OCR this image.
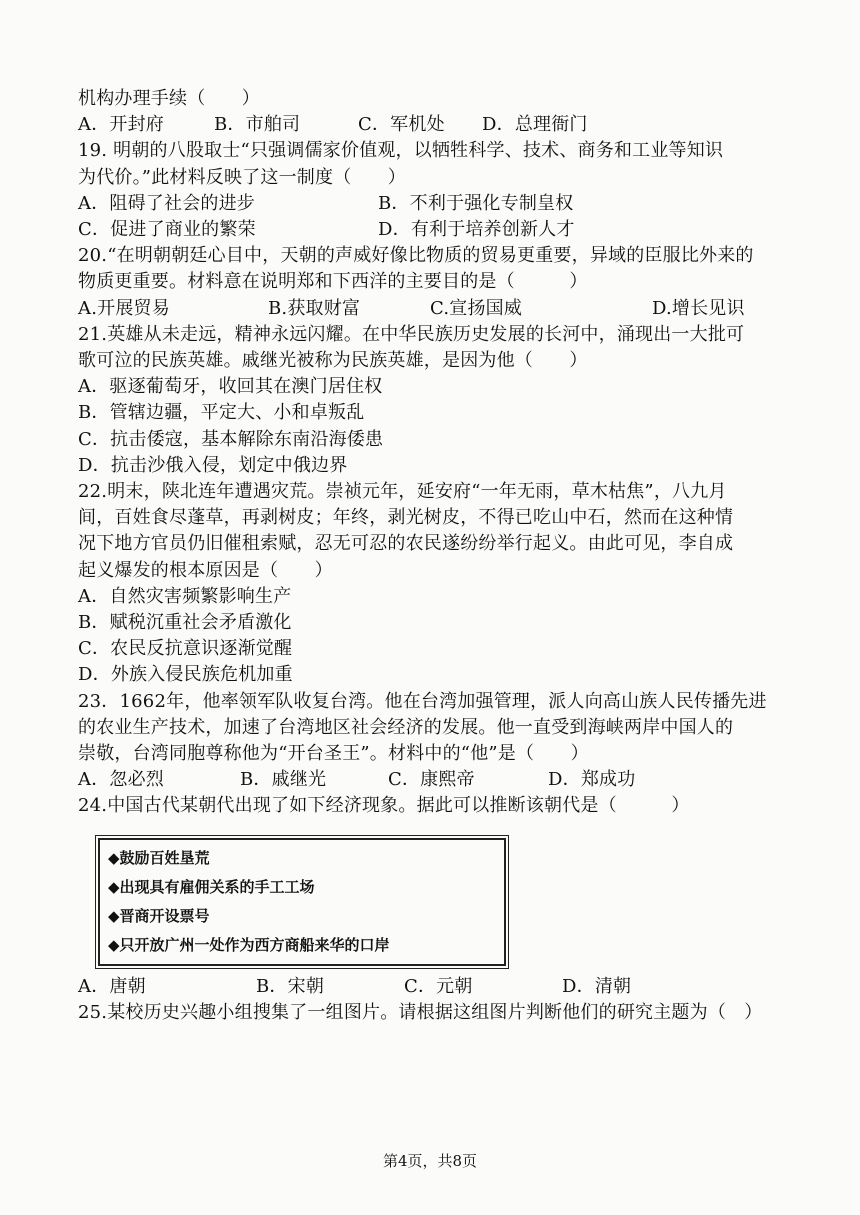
机构办理手续（　　）
A．开封府	B．市舶司	C．军机处	D．总理衙门
19. 明朝的八股取士“只强调儒家价值观，以牺牲科学、技术、商务和工业等知识
为代价。”此材料反映了这一制度（　　）
A．阻碍了社会的进步	B．不利于强化专制皇权
C．促进了商业的繁荣	D．有利于培养创新人才
20.“在明朝朝廷心目中，天朝的声威好像比物质的贸易更重要，异域的臣服比外来的
物质更重要。材料意在说明郑和下西洋的主要目的是（　　　）
A.开展贸易	B.获取财富	C.宣扬国威	D.增长见识
21.英雄从未走远，精神永远闪耀。在中华民族历史发展的长河中，涌现出一大批可
歌可泣的民族英雄。戚继光被称为民族英雄，是因为他（　　）
A．驱逐葡萄牙，收回其在澳门居住权
B．管辖边疆，平定大、小和卓叛乱
C．抗击倭寇，基本解除东南沿海倭患
D．抗击沙俄入侵，划定中俄边界
22.明末，陕北连年遭遇灾荒。崇祯元年，延安府“一年无雨，草木枯焦”，八九月
间，百姓食尽蓬草，再剥树皮；年终，剥光树皮，不得已吃山中石，然而在这种情
况下地方官员仍旧催租索赋，忍无可忍的农民遂纷纷举行起义。由此可见，李自成
起义爆发的根本原因是（　　）
A．自然灾害频繁影响生产
B．赋税沉重社会矛盾激化
C．农民反抗意识逐渐觉醒
D．外族入侵民族危机加重
23．1662年，他率领军队收复台湾。他在台湾加强管理，派人向高山族人民传播先进
的农业生产技术，加速了台湾地区社会经济的发展。他一直受到海峡两岸中国人的
崇敬，台湾同胞尊称他为“开台圣王”。材料中的“他”是（　　）
A．忽必烈	B．戚继光	C．康熙帝	D．郑成功
24.中国古代某朝代出现了如下经济现象。据此可以推断该朝代是（　　　）
◆鼓励百姓垦荒
◆出现具有雇佣关系的手工工场
◆晋商开设票号
◆只开放广州一处作为西方商船来华的口岸
A．唐朝	B．宋朝	C．元朝	D．清朝
25.某校历史兴趣小组搜集了一组图片。请根据这组图片判断他们的研究主题为（　）
第4页，共8页
